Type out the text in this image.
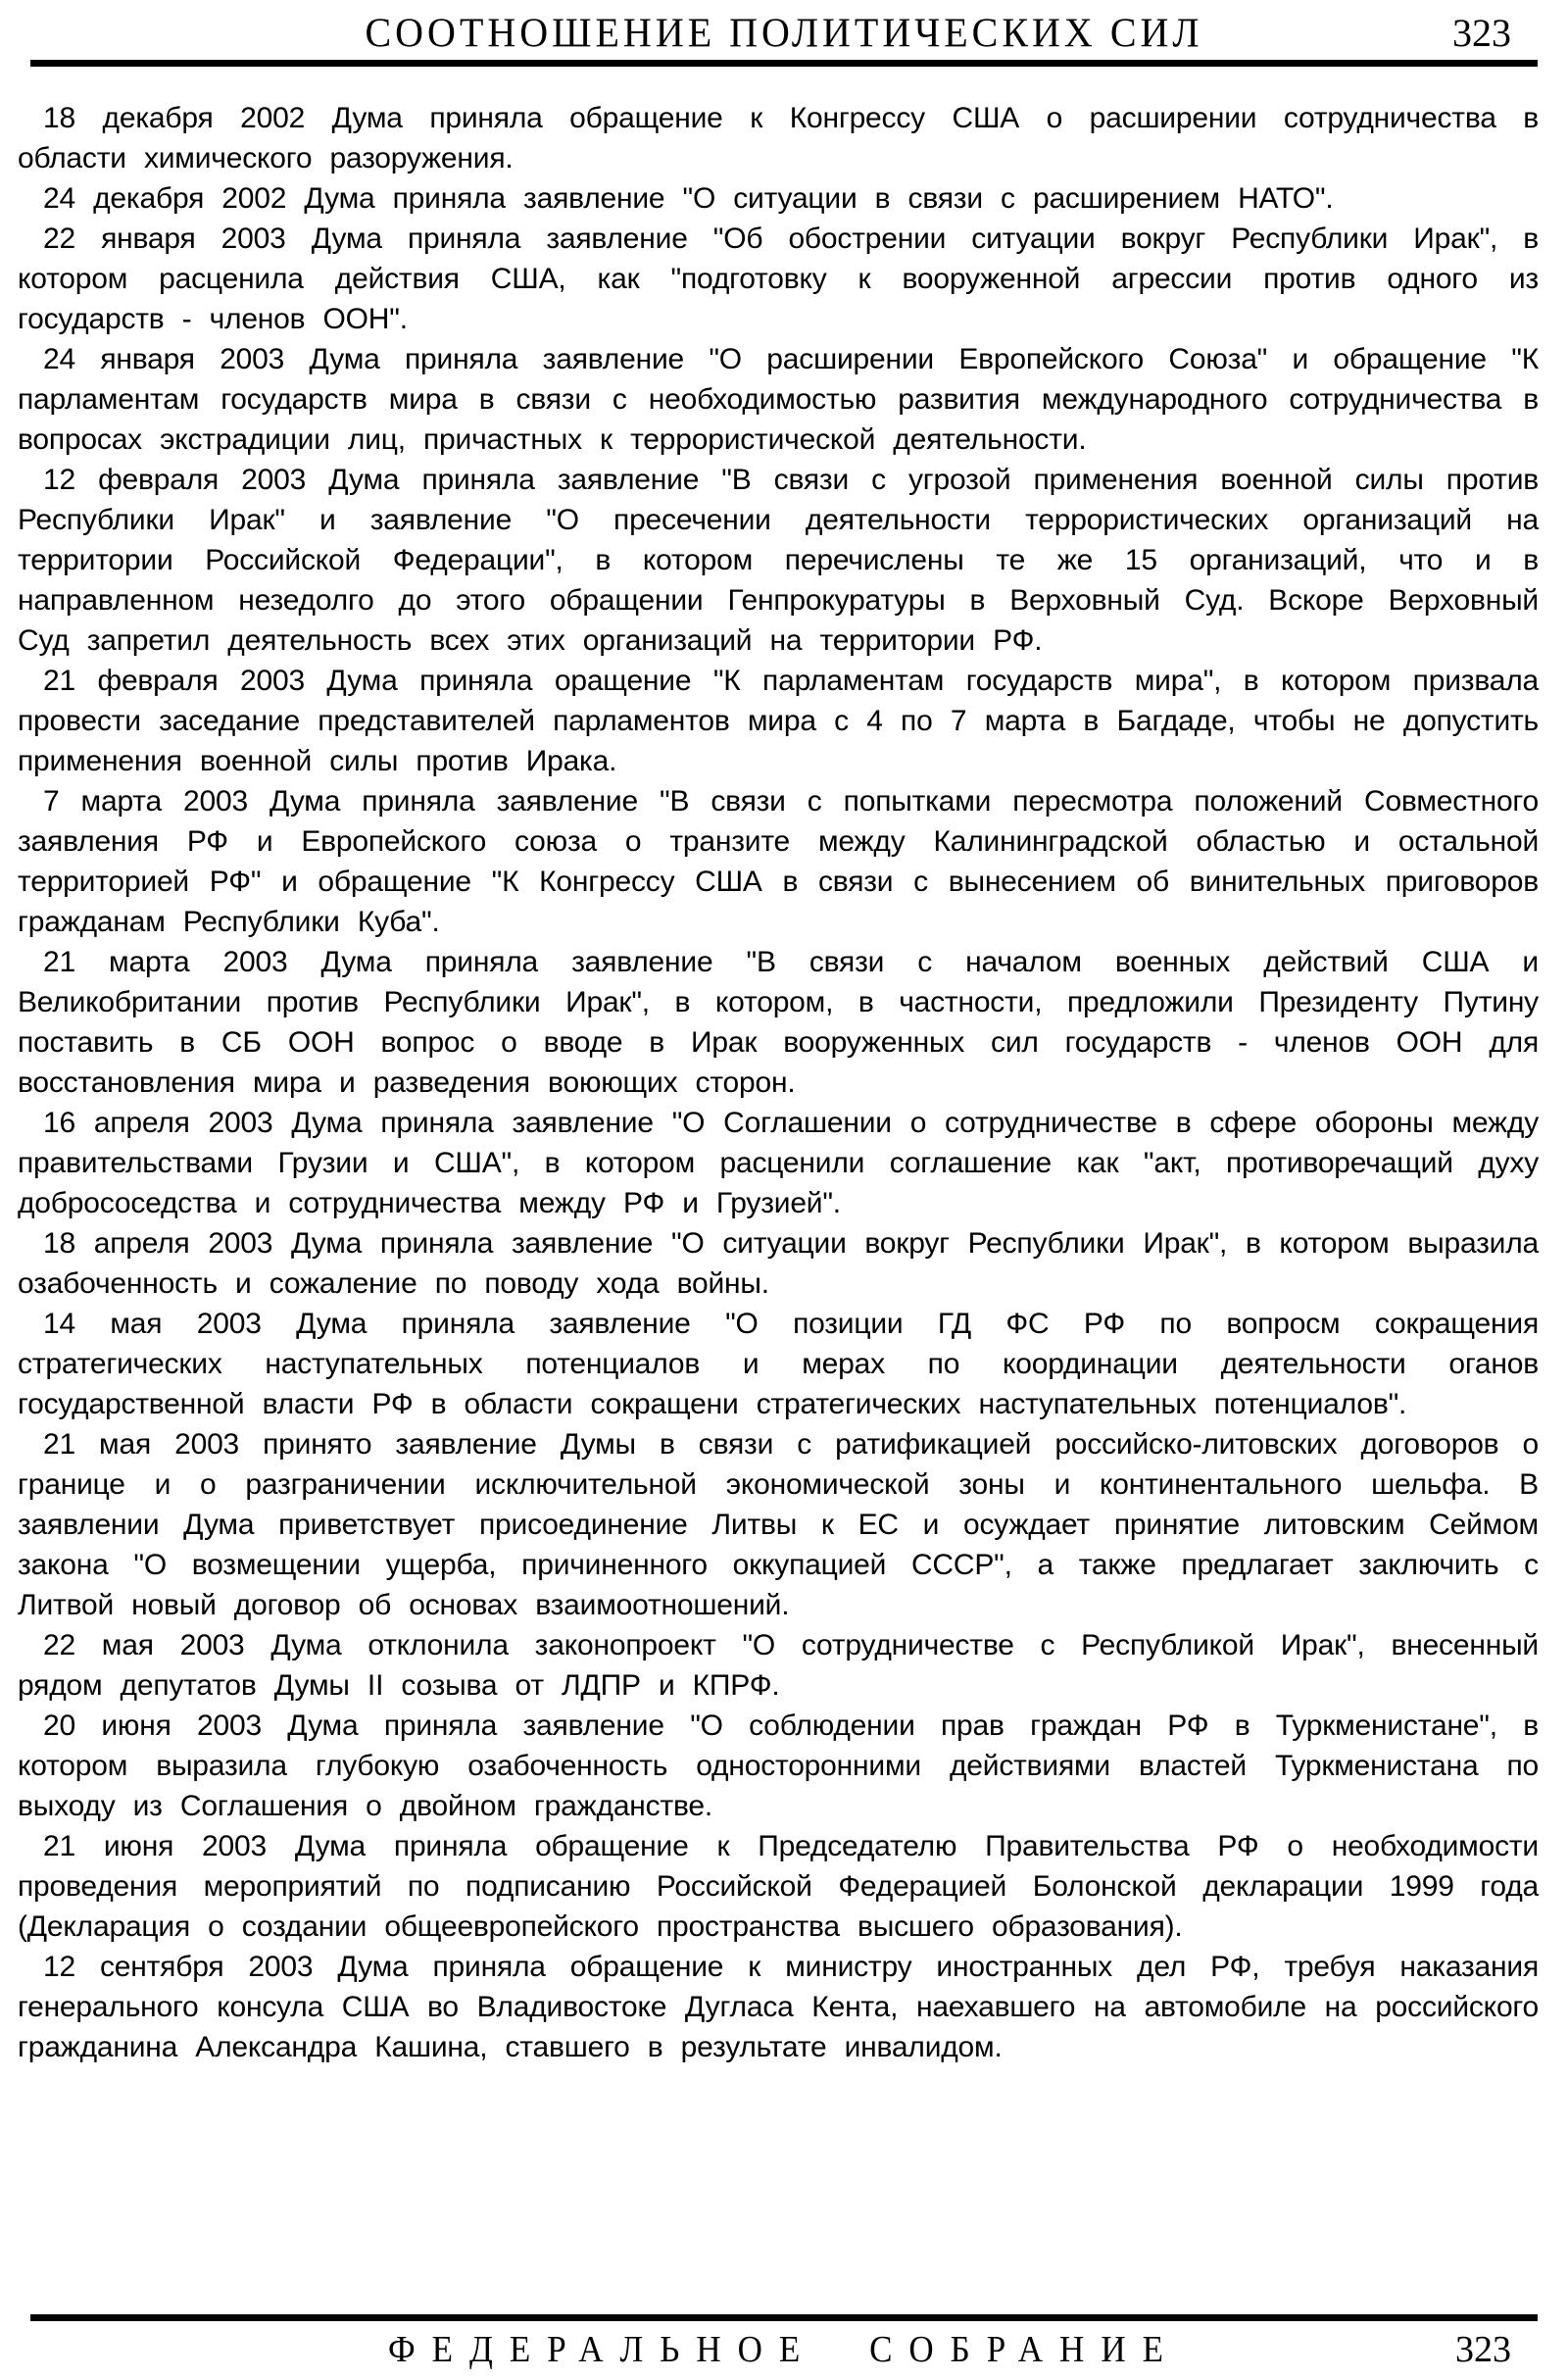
СООТНОШЕНИЕ ПОЛИТИЧЕСКИХ СИЛ	323

18 декабря 2002 Дума приняла обращение к Конгрессу США о расширении сотрудничества в области химического разоружения.

24 декабря 2002 Дума приняла заявление "О ситуации в связи с расширением НАТО".

22 января 2003 Дума приняла заявление "Об обострении ситуации вокруг Республики Ирак", в котором расценила действия США, как "подготовку к вооруженной агрессии против одного из государств - членов ООН".

24 января 2003 Дума приняла заявление "О расширении Европейского Союза" и обращение "К парламентам государств мира в связи с необходимостью развития международного сотрудничества в вопросах экстрадиции лиц, причастных к террористической деятельности.

12 февраля 2003 Дума приняла заявление "В связи с угрозой применения военной силы против Республики Ирак" и заявление "О пресечении деятельности террористических организаций на территории Российской Федерации", в котором перечислены те же 15 организаций, что и в направленном незедолго до этого обращении Генпрокуратуры в Верховный Суд. Вскоре Верховный Суд запретил деятельность всех этих организаций на территории РФ.

21 февраля 2003 Дума приняла оращение "К парламентам государств мира", в котором призвала провести заседание представителей парламентов мира с 4 по 7 марта в Багдаде, чтобы не допустить применения военной силы против Ирака.

7 марта 2003 Дума приняла заявление "В связи с попытками пересмотра положений Совместного заявления РФ и Европейского союза о транзите между Калининградской областью и остальной территорией РФ" и обращение "К Конгрессу США в связи с вынесением об винительных приговоров гражданам Республики Куба".

21 марта 2003 Дума приняла заявление "В связи с началом военных действий США и Великобритании против Республики Ирак", в котором, в частности, предложили Президенту Путину поставить в СБ ООН вопрос о вводе в Ирак вооруженных сил государств - членов ООН для восстановления мира и разведения воюющих сторон.

16 апреля 2003 Дума приняла заявление "О Соглашении о сотрудничестве в сфере обороны между правительствами Грузии и США", в котором расценили соглашение как "акт, противоречащий духу добрососедства и сотрудничества между РФ и Грузией".

18 апреля 2003 Дума приняла заявление "О ситуации вокруг Республики Ирак", в котором выразила озабоченность и сожаление по поводу хода войны.

14 мая 2003 Дума приняла заявление "О позиции ГД ФС РФ по вопросм сокращения стратегических наступательных потенциалов и мерах по координации деятельности оганов государственной власти РФ в области сокращени стратегических наступательных потенциалов".

21 мая 2003 принято заявление Думы в связи с ратификацией российско-литовских договоров о границе и о разграничении исключительной экономической зоны и континентального шельфа. В заявлении Дума приветствует присоединение Литвы к ЕС и осуждает принятие литовским Сеймом закона "О возмещении ущерба, причиненного оккупацией СССР", а также предлагает заключить с Литвой новый договор об основах взаимоотношений.

22 мая 2003 Дума отклонила законопроект "О сотрудничестве с Республикой Ирак", внесенный рядом депутатов Думы II созыва от ЛДПР и КПРФ.

20 июня 2003 Дума приняла заявление "О соблюдении прав граждан РФ в Туркменистане", в котором выразила глубокую озабоченность односторонними действиями властей Туркменистана по выходу из Соглашения о двойном гражданстве.

21 июня 2003 Дума приняла обращение к Председателю Правительства РФ о необходимости проведения мероприятий по подписанию Российской Федерацией Болонской декларации 1999 года (Декларация о создании общеевропейского пространства высшего образования).

12 сентября 2003 Дума приняла обращение к министру иностранных дел РФ, требуя наказания генерального консула США во Владивостоке Дугласа Кента, наехавшего на автомобиле на российского гражданина Александра Кашина, ставшего в результате инвалидом.

ФЕДЕРАЛЬНОЕ СОБРАНИЕ	323
